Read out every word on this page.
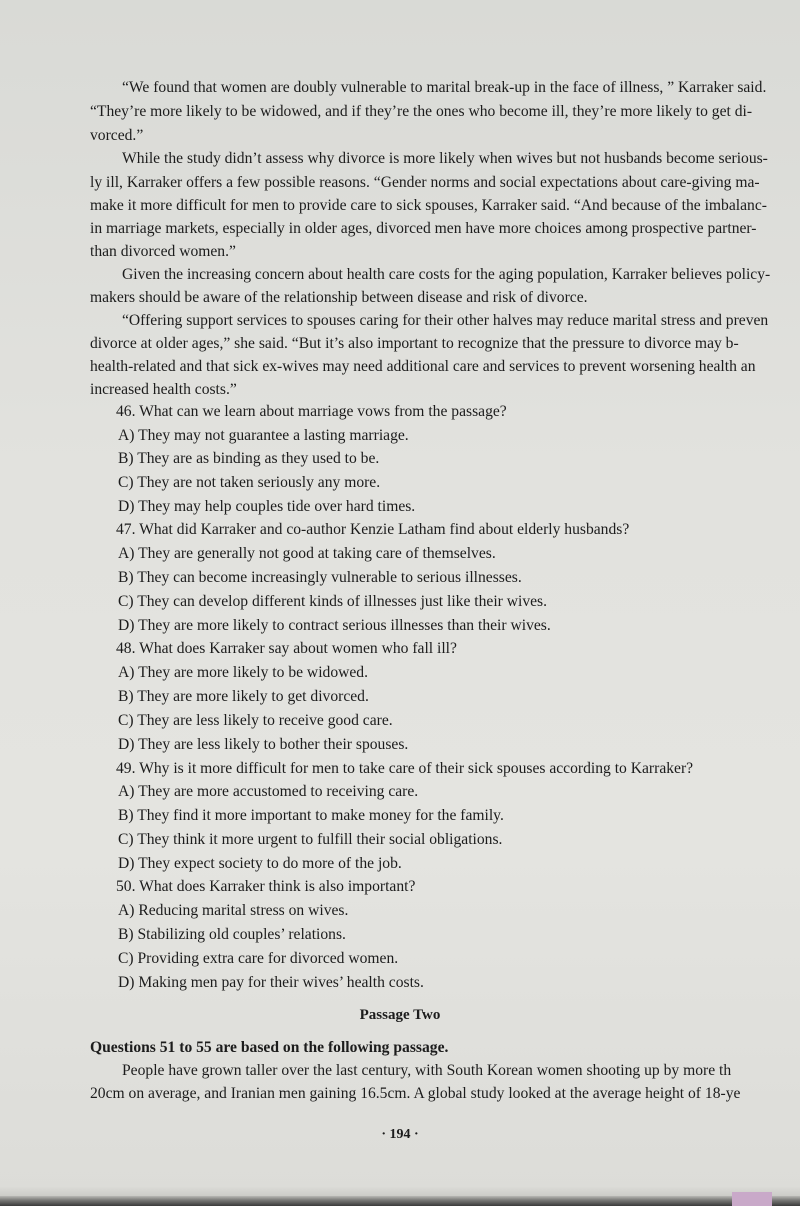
“We found that women are doubly vulnerable to marital break-up in the face of illness, ” Karraker said.
“They’re more likely to be widowed, and if they’re the ones who become ill, they’re more likely to get di-
vorced.”
While the study didn’t assess why divorce is more likely when wives but not husbands become serious-
ly ill, Karraker offers a few possible reasons. “Gender norms and social expectations about care-giving ma-
make it more difficult for men to provide care to sick spouses, Karraker said. “And because of the imbalanc-
in marriage markets, especially in older ages, divorced men have more choices among prospective partner-
than divorced women.”
Given the increasing concern about health care costs for the aging population, Karraker believes policy-
makers should be aware of the relationship between disease and risk of divorce.
“Offering support services to spouses caring for their other halves may reduce marital stress and preven
divorce at older ages,” she said. “But it’s also important to recognize that the pressure to divorce may b-
health-related and that sick ex-wives may need additional care and services to prevent worsening health an
increased health costs.”
46. What can we learn about marriage vows from the passage?
A) They may not guarantee a lasting marriage.
B) They are as binding as they used to be.
C) They are not taken seriously any more.
D) They may help couples tide over hard times.
47. What did Karraker and co-author Kenzie Latham find about elderly husbands?
A) They are generally not good at taking care of themselves.
B) They can become increasingly vulnerable to serious illnesses.
C) They can develop different kinds of illnesses just like their wives.
D) They are more likely to contract serious illnesses than their wives.
48. What does Karraker say about women who fall ill?
A) They are more likely to be widowed.
B) They are more likely to get divorced.
C) They are less likely to receive good care.
D) They are less likely to bother their spouses.
49. Why is it more difficult for men to take care of their sick spouses according to Karraker?
A) They are more accustomed to receiving care.
B) They find it more important to make money for the family.
C) They think it more urgent to fulfill their social obligations.
D) They expect society to do more of the job.
50. What does Karraker think is also important?
A) Reducing marital stress on wives.
B) Stabilizing old couples’ relations.
C) Providing extra care for divorced women.
D) Making men pay for their wives’ health costs.
Passage Two
Questions 51 to 55 are based on the following passage.
People have grown taller over the last century, with South Korean women shooting up by more th
20cm on average, and Iranian men gaining 16.5cm. A global study looked at the average height of 18-ye
· 194 ·
